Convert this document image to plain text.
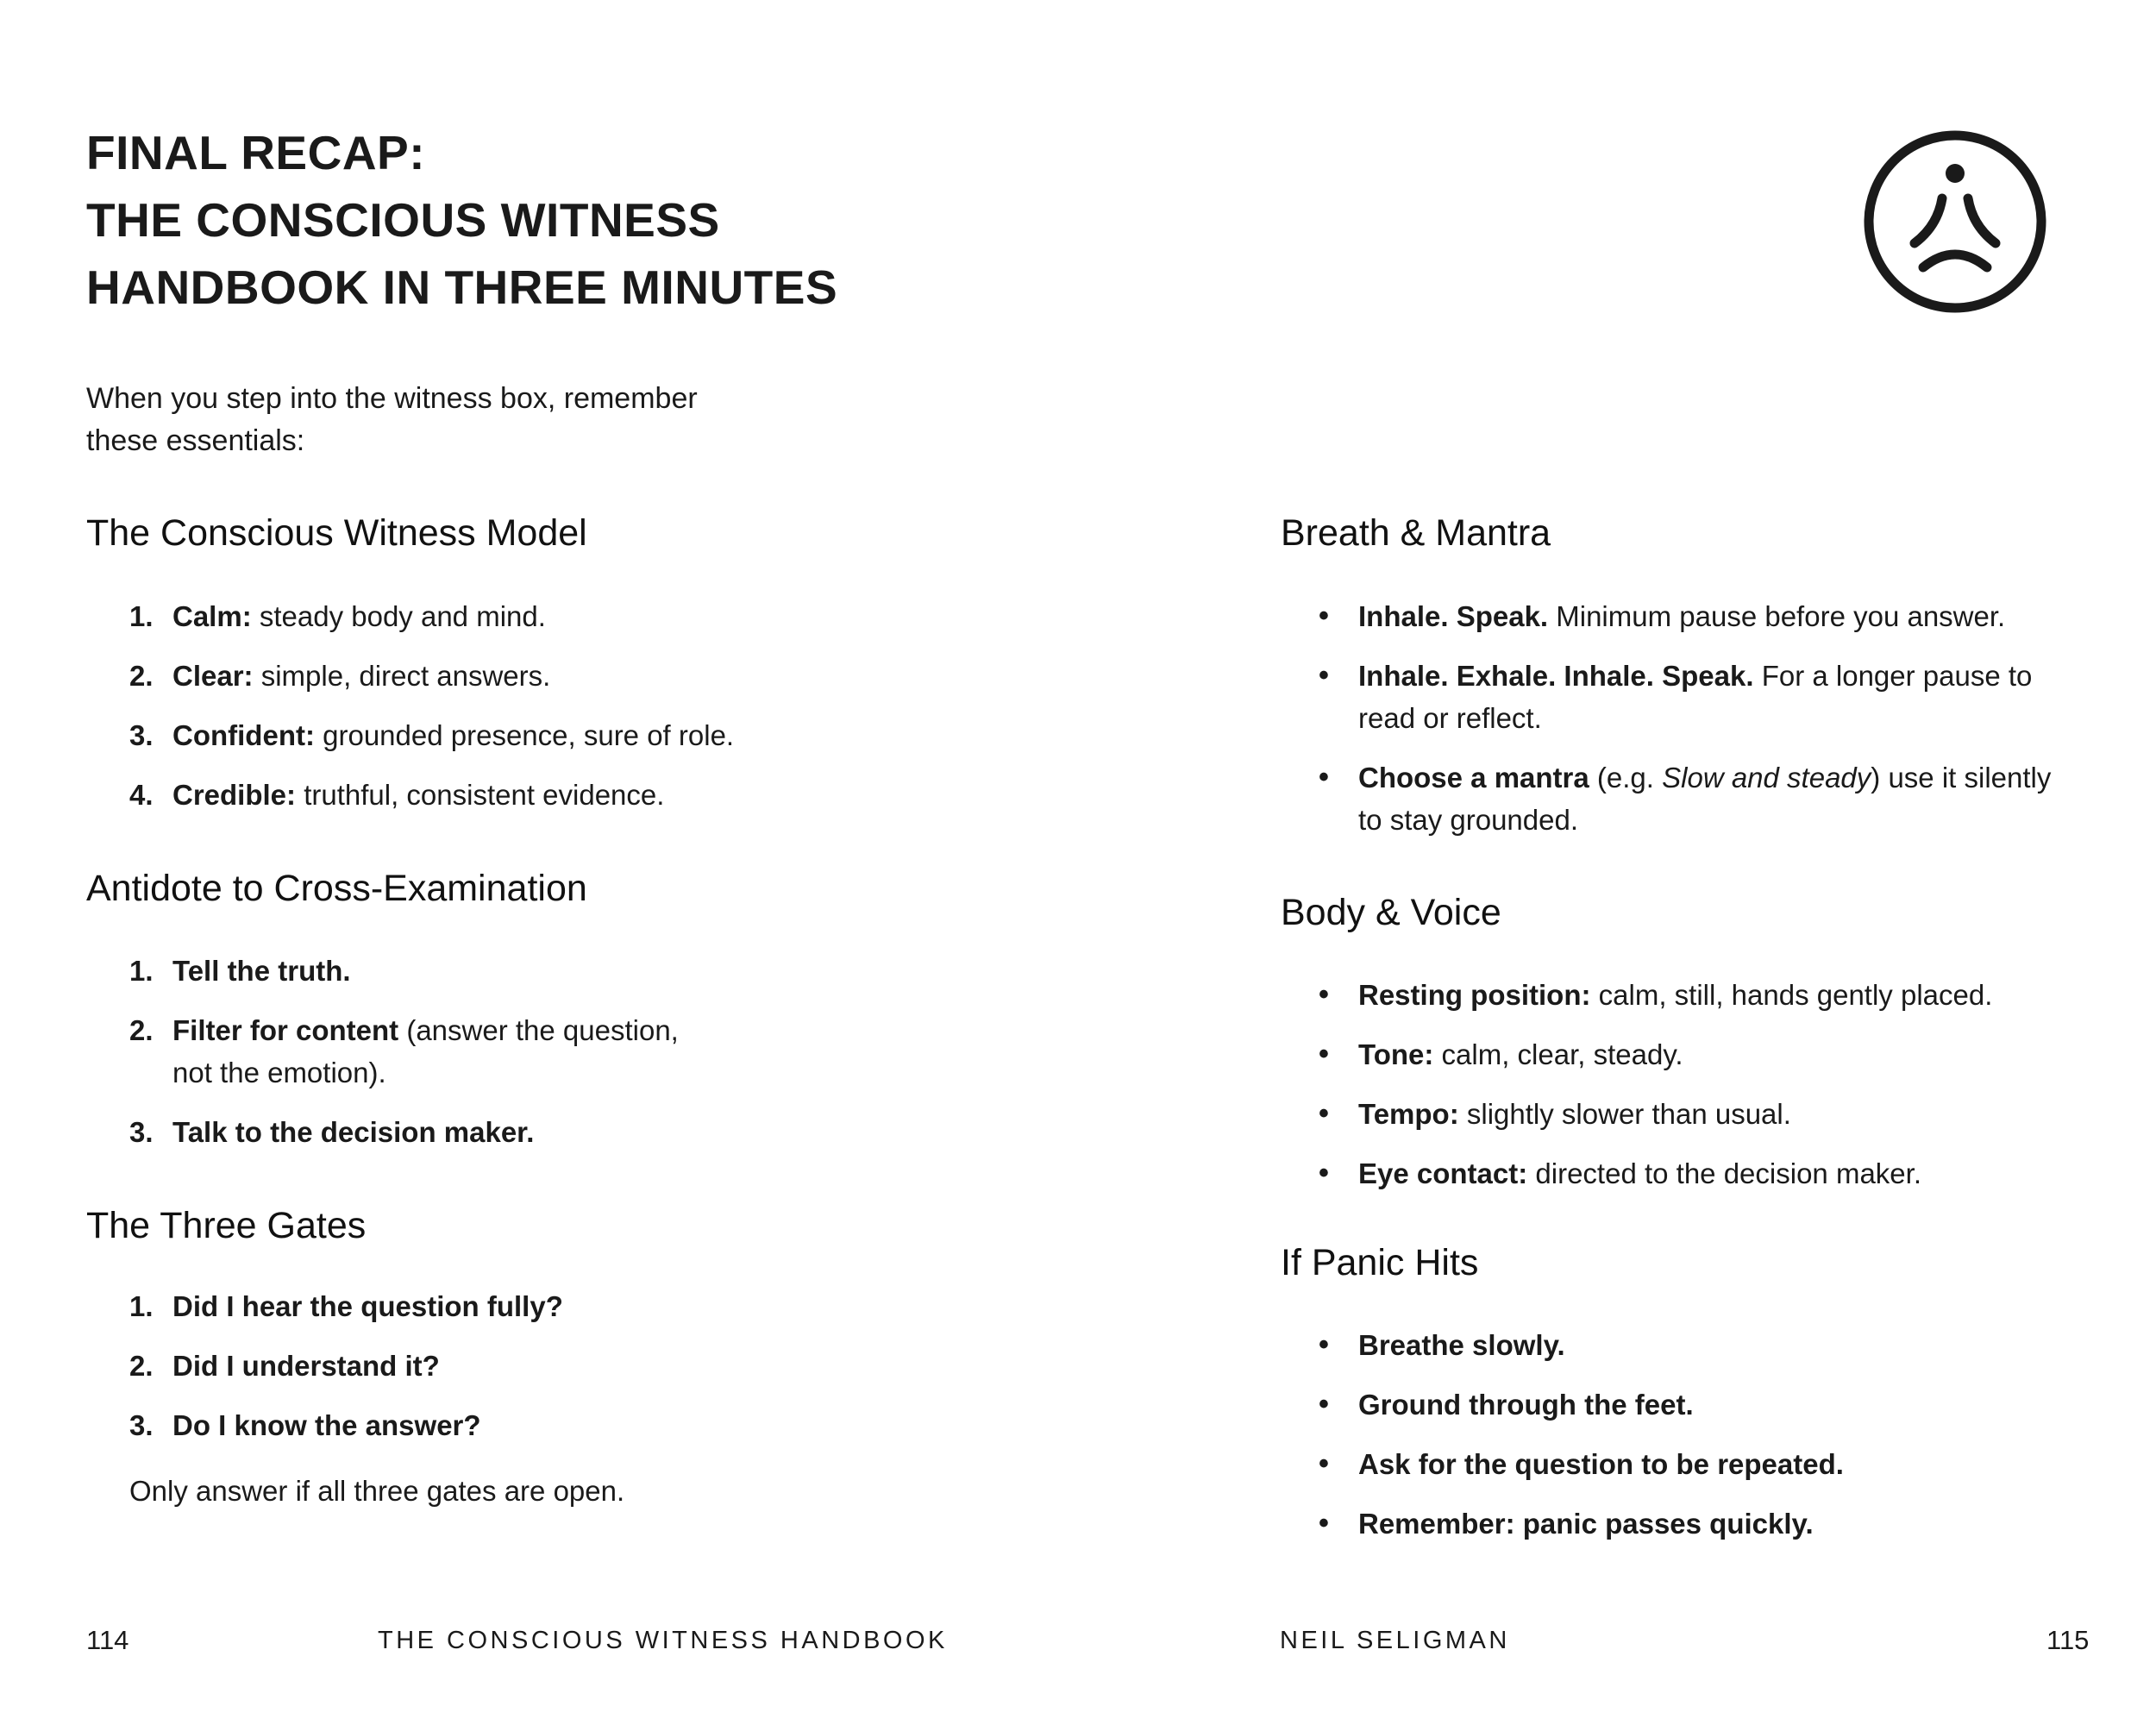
FINAL RECAP:
THE CONSCIOUS WITNESS
HANDBOOK IN THREE MINUTES

When you step into the witness box, remember
these essentials:

The Conscious Witness Model
1. Calm: steady body and mind.
2. Clear: simple, direct answers.
3. Confident: grounded presence, sure of role.
4. Credible: truthful, consistent evidence.
Antidote to Cross-Examination
1. Tell the truth.
2. Filter for content (answer the question,
not the emotion).
3. Talk to the decision maker.
The Three Gates
1. Did I hear the question fully?
2. Did I understand it?
3. Do I know the answer?

Only answer if all three gates are open.

114	THE CONSCIOUS WITNESS HANDBOOK

Breath & Mantra
• Inhale. Speak. Minimum pause before you answer.
• Inhale. Exhale. Inhale. Speak. For a longer pause to
read or reflect.
• Choose a mantra (e.g. Slow and steady) use it silently
to stay grounded.
Body & Voice
• Resting position: calm, still, hands gently placed.
• Tone: calm, clear, steady.
• Tempo: slightly slower than usual.
• Eye contact: directed to the decision maker.
If Panic Hits
• Breathe slowly.
• Ground through the feet.
• Ask for the question to be repeated.
• Remember: panic passes quickly.

NEIL SELIGMAN	115
